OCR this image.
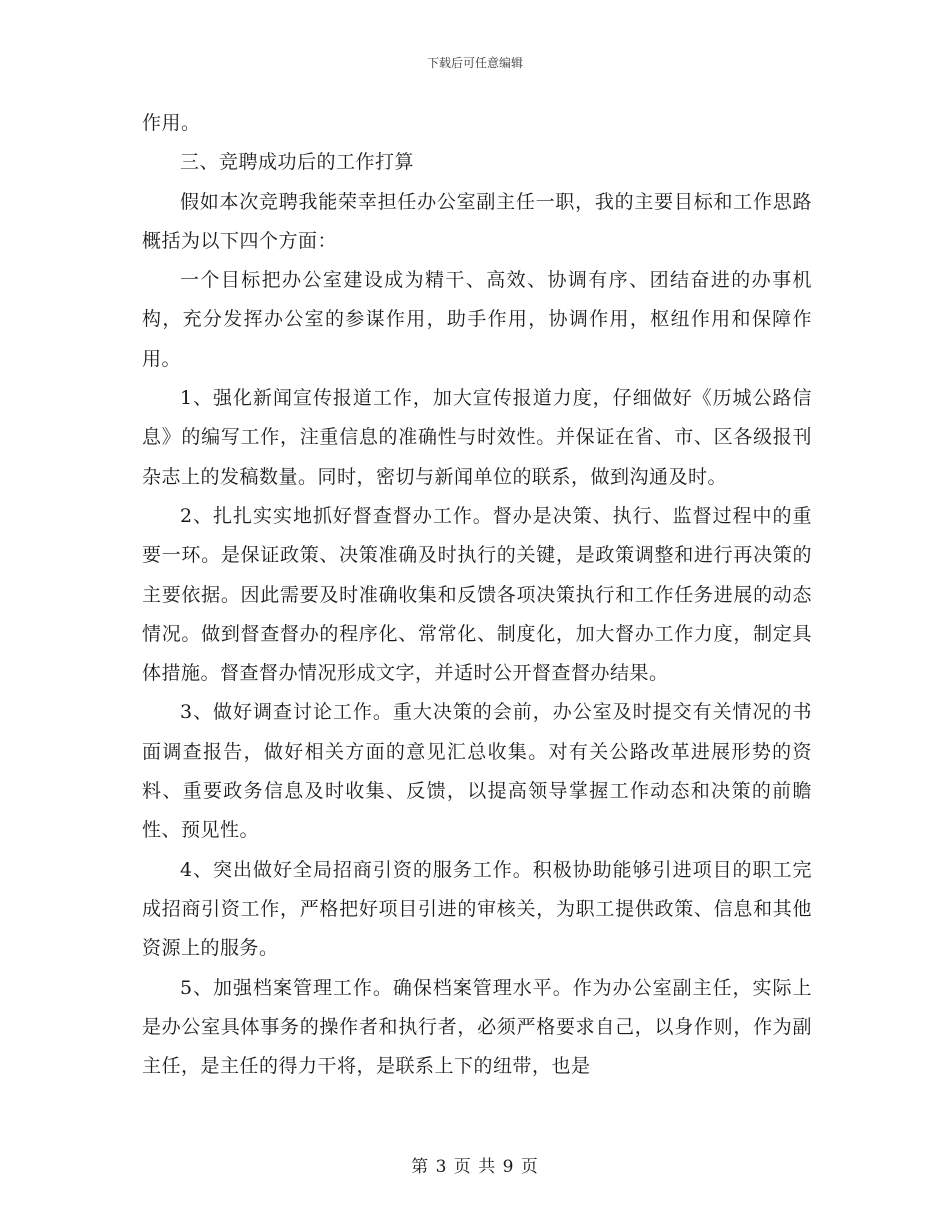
下载后可任意编辑

作用。

三、竞聘成功后的工作打算

假如本次竞聘我能荣幸担任办公室副主任一职，我的主要目标和工作思路概括为以下四个方面：

一个目标把办公室建设成为精干、高效、协调有序、团结奋进的办事机构，充分发挥办公室的参谋作用，助手作用，协调作用，枢纽作用和保障作用。

1、强化新闻宣传报道工作，加大宣传报道力度，仔细做好《历城公路信息》的编写工作，注重信息的准确性与时效性。并保证在省、市、区各级报刊杂志上的发稿数量。同时，密切与新闻单位的联系，做到沟通及时。

2、扎扎实实地抓好督查督办工作。督办是决策、执行、监督过程中的重要一环。是保证政策、决策准确及时执行的关键，是政策调整和进行再决策的主要依据。因此需要及时准确收集和反馈各项决策执行和工作任务进展的动态情况。做到督查督办的程序化、常常化、制度化，加大督办工作力度，制定具体措施。督查督办情况形成文字，并适时公开督查督办结果。

3、做好调查讨论工作。重大决策的会前，办公室及时提交有关情况的书面调查报告，做好相关方面的意见汇总收集。对有关公路改革进展形势的资料、重要政务信息及时收集、反馈，以提高领导掌握工作动态和决策的前瞻性、预见性。

4、突出做好全局招商引资的服务工作。积极协助能够引进项目的职工完成招商引资工作，严格把好项目引进的审核关，为职工提供政策、信息和其他资源上的服务。

5、加强档案管理工作。确保档案管理水平。作为办公室副主任，实际上是办公室具体事务的操作者和执行者，必须严格要求自己，以身作则，作为副主任，是主任的得力干将，是联系上下的纽带，也是

第 3 页 共 9 页
